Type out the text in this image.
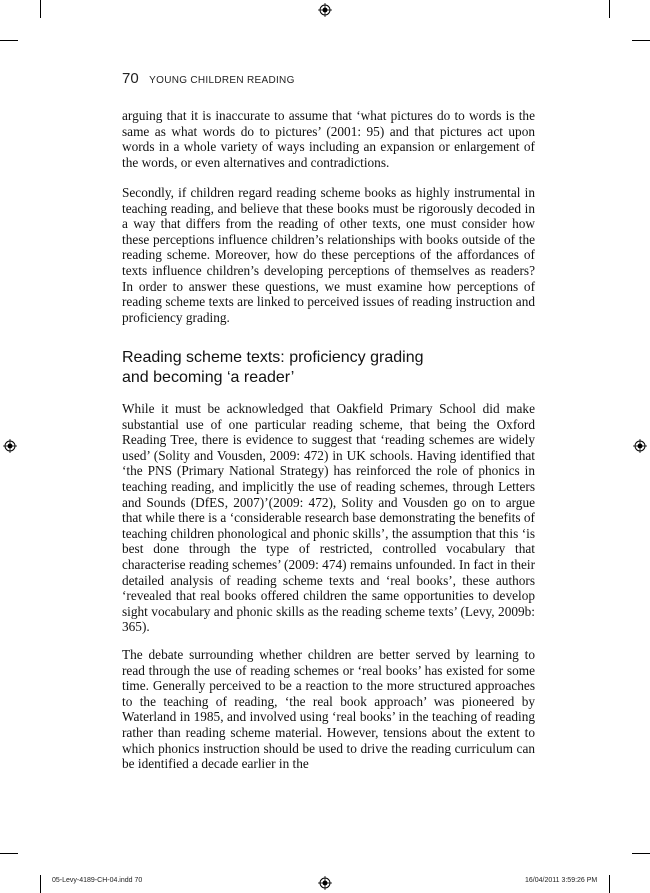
70 YOUNG CHILDREN READING

arguing that it is inaccurate to assume that ‘what pictures do to words is the same as what words do to pictures’ (2001: 95) and that pictures act upon words in a whole variety of ways including an expansion or enlargement of the words, or even alternatives and contradictions.

Secondly, if children regard reading scheme books as highly instrumental in teaching reading, and believe that these books must be rigorously decoded in a way that differs from the reading of other texts, one must consider how these perceptions influence children’s relationships with books outside of the reading scheme. Moreover, how do these perceptions of the affordances of texts influence children’s developing perceptions of themselves as readers? In order to answer these questions, we must examine how perceptions of reading scheme texts are linked to perceived issues of reading instruction and proficiency grading.

Reading scheme texts: proficiency grading
and becoming ‘a reader’

While it must be acknowledged that Oakfield Primary School did make substantial use of one particular reading scheme, that being the Oxford Reading Tree, there is evidence to suggest that ‘reading schemes are widely used’ (Solity and Vousden, 2009: 472) in UK schools. Having identified that ‘the PNS (Primary National Strategy) has reinforced the role of phonics in teaching reading, and implicitly the use of reading schemes, through Letters and Sounds (DfES, 2007)’(2009: 472), Solity and Vousden go on to argue that while there is a ‘considerable research base demonstrating the benefits of teaching children phonological and phonic skills’, the assumption that this ‘is best done through the type of restricted, controlled vocabulary that characterise reading schemes’ (2009: 474) remains unfounded. In fact in their detailed analysis of reading scheme texts and ‘real books’, these authors ‘revealed that real books offered children the same opportunities to develop sight vocabulary and phonic skills as the reading scheme texts’ (Levy, 2009b: 365).

The debate surrounding whether children are better served by learning to read through the use of reading schemes or ‘real books’ has existed for some time. Generally perceived to be a reaction to the more structured approaches to the teaching of reading, ‘the real book approach’ was pioneered by Waterland in 1985, and involved using ‘real books’ in the teaching of reading rather than reading scheme material. However, tensions about the extent to which phonics instruction should be used to drive the reading curriculum can be identified a decade earlier in the

05-Levy-4189-CH-04.indd 70	16/04/2011 3:59:26 PM
